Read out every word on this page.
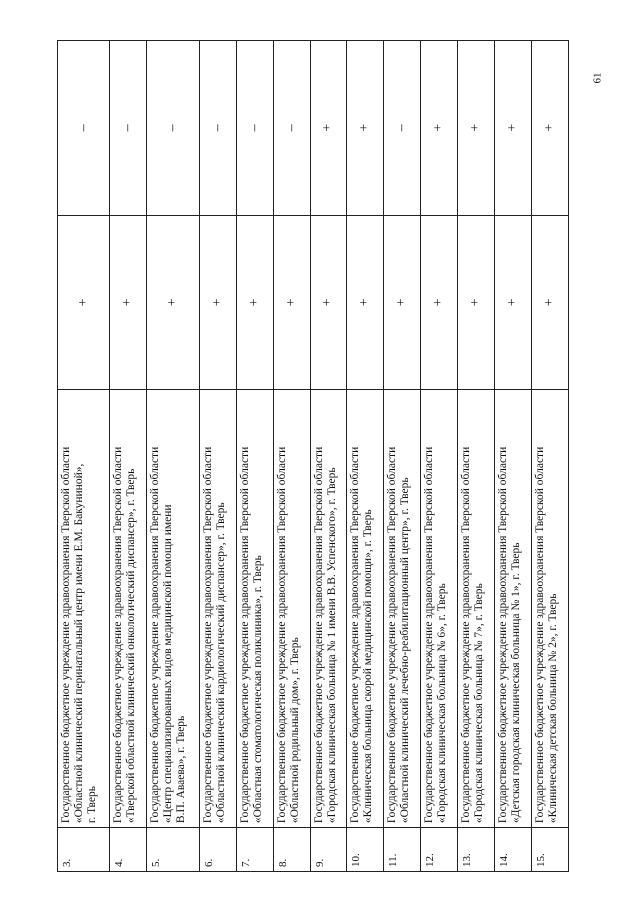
61
3.	Государственное бюджетное учреждение здравоохранения Тверской области «Областной клинический перинатальный центр имени Е.М. Бакуниной», г. Тверь	+	–
4.	Государственное бюджетное учреждение здравоохранения Тверской области «Тверской областной клинический онкологический диспансер», г. Тверь	+	–
5.	Государственное бюджетное учреждение здравоохранения Тверской области «Центр специализированных видов медицинской помощи имени В.П. Аваева», г. Тверь	+	–
6.	Государственное бюджетное учреждение здравоохранения Тверской области «Областной клинический кардиологический диспансер», г. Тверь	+	–
7.	Государственное бюджетное учреждение здравоохранения Тверской области «Областная стоматологическая поликлиника», г. Тверь	+	–
8.	Государственное бюджетное учреждение здравоохранения Тверской области «Областной родильный дом», г. Тверь	+	–
9.	Государственное бюджетное учреждение здравоохранения Тверской области «Городская клиническая больница № 1 имени В.В. Успенского», г. Тверь	+	+
10.	Государственное бюджетное учреждение здравоохранения Тверской области «Клиническая больница скорой медицинской помощи», г. Тверь	+	+
11.	Государственное бюджетное учреждение здравоохранения Тверской области «Областной клинический лечебно-реабилитационный центр», г. Тверь	+	–
12.	Государственное бюджетное учреждение здравоохранения Тверской области «Городская клиническая больница № 6», г. Тверь	+	+
13.	Государственное бюджетное учреждение здравоохранения Тверской области «Городская клиническая больница № 7», г. Тверь	+	+
14.	Государственное бюджетное учреждение здравоохранения Тверской области «Детская городская клиническая больница № 1», г. Тверь	+	+
15.	Государственное бюджетное учреждение здравоохранения Тверской области «Клиническая детская больница № 2», г. Тверь	+	+
